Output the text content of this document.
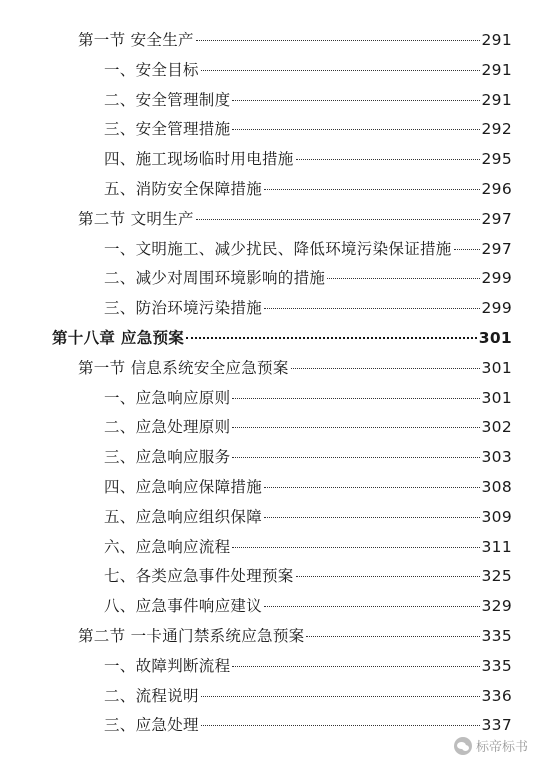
第一节 安全生产	291
一、安全目标	291
二、安全管理制度	291
三、安全管理措施	292
四、施工现场临时用电措施	295
五、消防安全保障措施	296
第二节 文明生产	297
一、文明施工、减少扰民、降低环境污染保证措施 297
二、减少对周围环境影响的措施	299
三、防治环境污染措施	299
第十八章 应急预案	301
第一节 信息系统安全应急预案	301
一、应急响应原则	301
二、应急处理原则	302
三、应急响应服务	303
四、应急响应保障措施	308
五、应急响应组织保障	309
六、应急响应流程	311
七、各类应急事件处理预案	325
八、应急事件响应建议	329
第二节 一卡通门禁系统应急预案	335
一、故障判断流程	335
二、流程说明	336
三、应急处理	337
标帝标书
